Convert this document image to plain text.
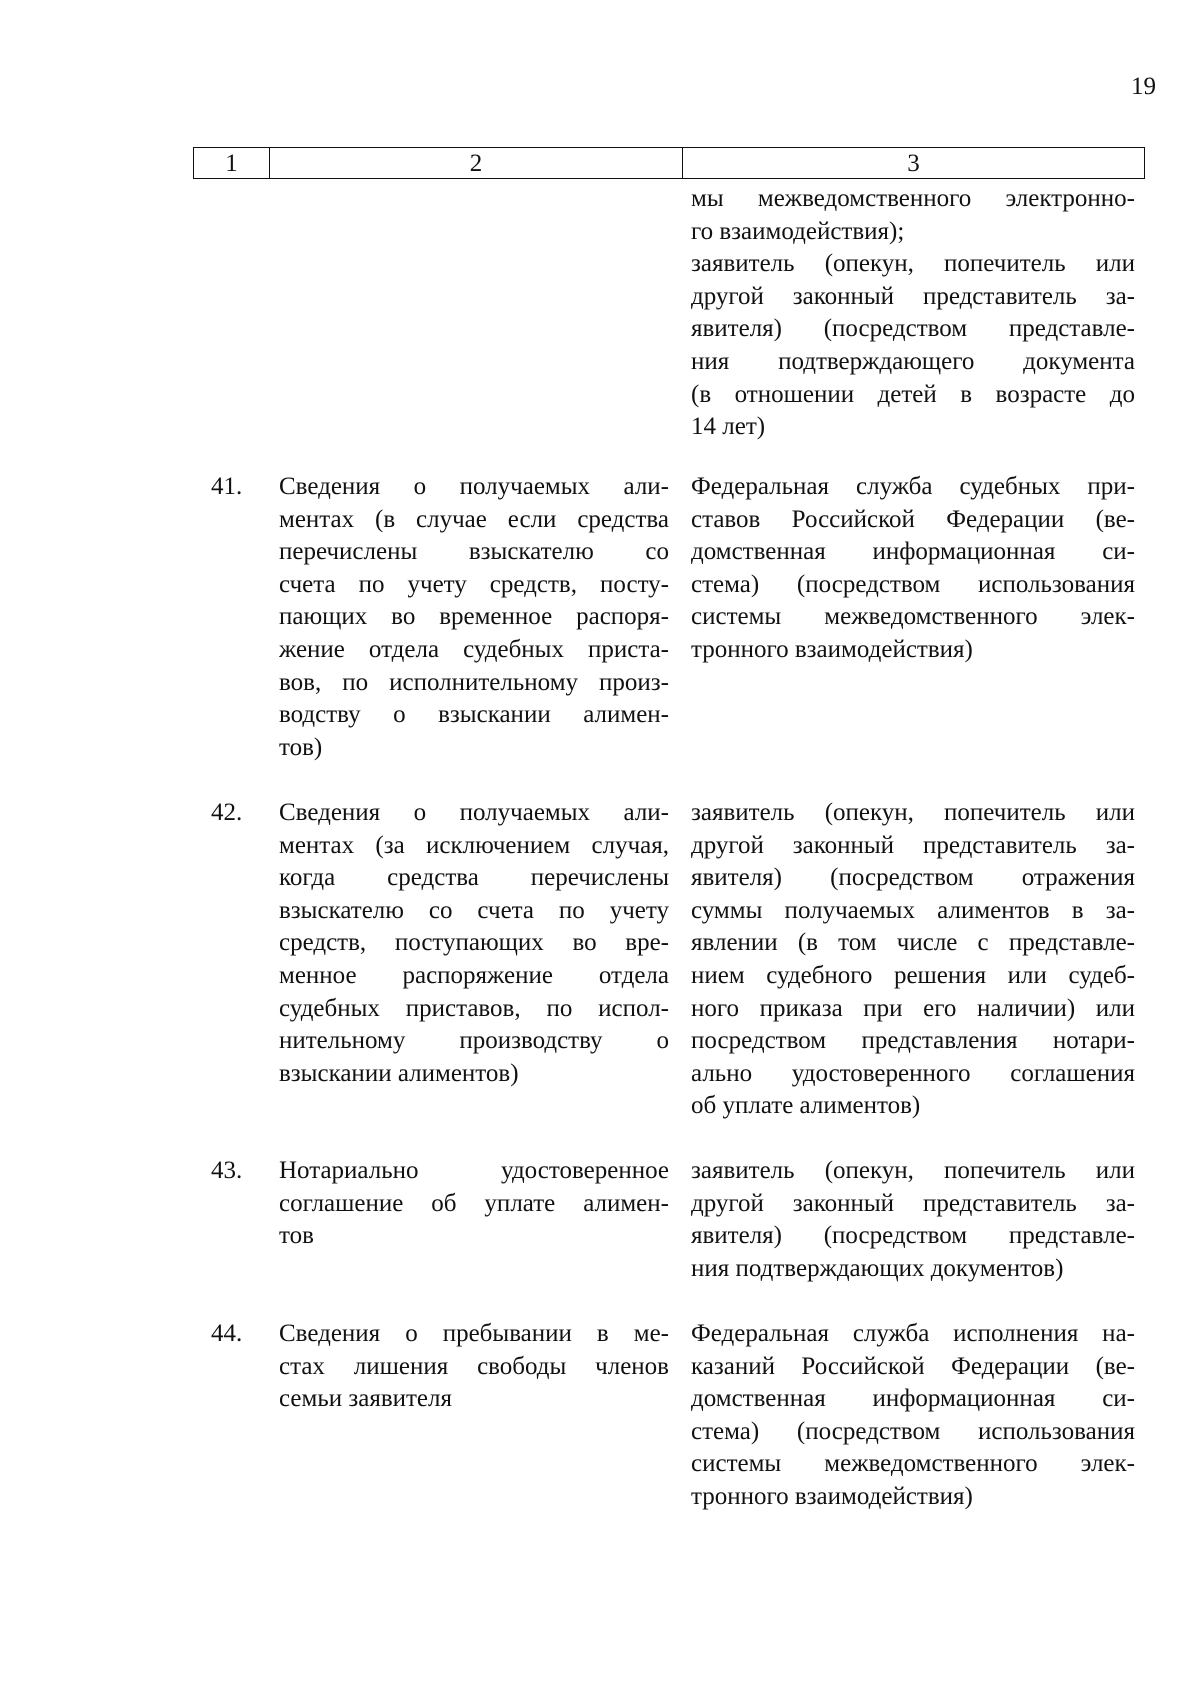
19
1	2	3
мы межведомственного электронно-
го взаимодействия);
заявитель (опекун, попечитель или
другой законный представитель за-
явителя) (посредством представле-
ния подтверждающего документа
(в отношении детей в возрасте до
14 лет)
41. Сведения о получаемых али-
ментах (в случае если средства
перечислены взыскателю со
счета по учету средств, посту-
пающих во временное распоря-
жение отдела судебных приста-
вов, по исполнительному произ-
водству о взыскании алимен-
тов)
Федеральная служба судебных при-
ставов Российской Федерации (ве-
домственная информационная си-
стема) (посредством использования
системы межведомственного элек-
тронного взаимодействия)
42. Сведения о получаемых али-
ментах (за исключением случая,
когда средства перечислены
взыскателю со счета по учету
средств, поступающих во вре-
менное распоряжение отдела
судебных приставов, по испол-
нительному производству о
взыскании алиментов)
заявитель (опекун, попечитель или
другой законный представитель за-
явителя) (посредством отражения
суммы получаемых алиментов в за-
явлении (в том числе с представле-
нием судебного решения или судеб-
ного приказа при его наличии) или
посредством представления нотари-
ально удостоверенного соглашения
об уплате алиментов)
43. Нотариально удостоверенное
соглашение об уплате алимен-
тов
заявитель (опекун, попечитель или
другой законный представитель за-
явителя) (посредством представле-
ния подтверждающих документов)
44. Сведения о пребывании в ме-
стах лишения свободы членов
семьи заявителя
Федеральная служба исполнения на-
казаний Российской Федерации (ве-
домственная информационная си-
стема) (посредством использования
системы межведомственного элек-
тронного взаимодействия)
